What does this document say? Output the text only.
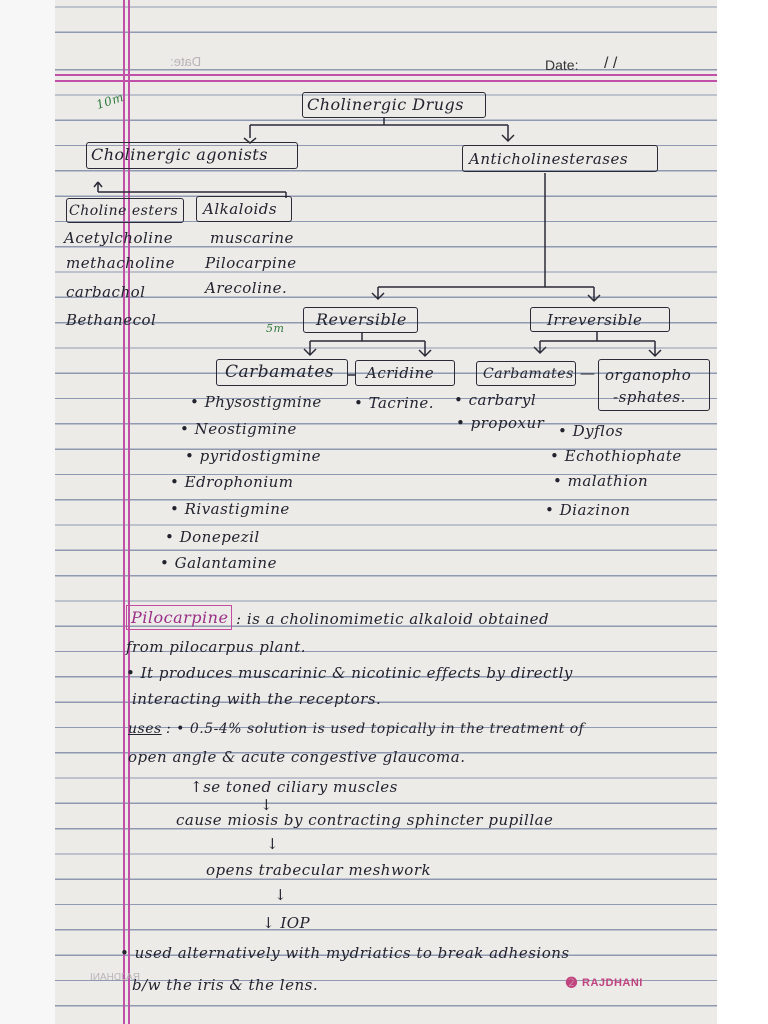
Date:	Date: / /
10m
5m
Cholinergic Drugs
Cholinergic agonists	Anticholinesterases
Choline esters Alkaloids
Acetylcholine
methacholine
carbachol
Bethanecol
muscarine
Pilocarpine
Arecoline.
Reversible	Irreversible
Carbamates Acridine	Carbamates — organopho
-sphates.
• Physostigmine
• Neostigmine
• pyridostigmine
• Edrophonium
• Rivastigmine
• Donepezil
• Galantamine
• Tacrine. • carbaryl
• propoxur • Dyflos
• Echothiophate
• malathion
• Diazinon
Pilocarpine : is a cholinomimetic alkaloid obtained
from pilocarpus plant.
• It produces muscarinic & nicotinic effects by directly
interacting with the receptors.
uses : • 0.5-4% solution is used topically in the treatment of
open angle & acute congestive glaucoma.
↑se toned ciliary muscles
↓
cause miosis by contracting sphincter pupillae
↓
opens trabecular meshwork
↓
↓ IOP
• used alternatively with mydriatics to break adhesions
b/w the iris & the lens.
RAJDHANI	➋ RAJDHANI
